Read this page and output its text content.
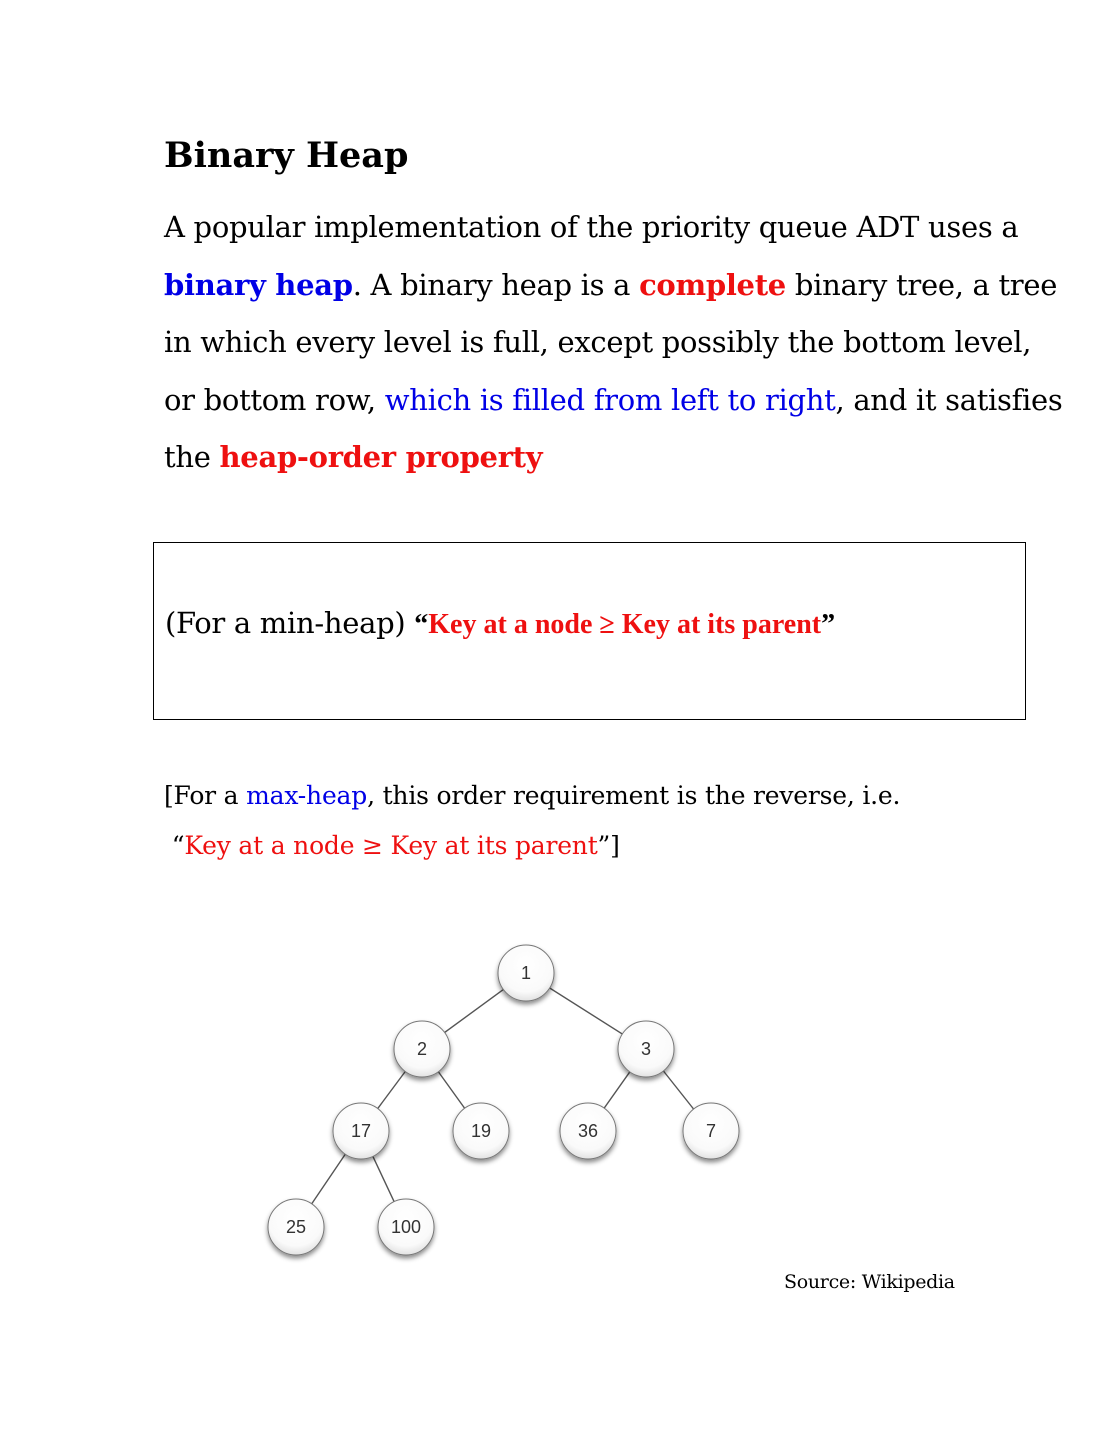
Binary Heap

A popular implementation of the priority queue ADT uses a binary heap. A binary heap is a complete binary tree, a tree in which every level is full, except possibly the bottom level, or bottom row, which is filled from left to right, and it satisfies the heap-order property

(For a min-heap) “Key at a node ≥ Key at its parent”

[For a max-heap, this order requirement is the reverse, i.e.
“Key at a node ≥ Key at its parent”]

1
2	3
17	19	36	7
25	100

Source: Wikipedia
